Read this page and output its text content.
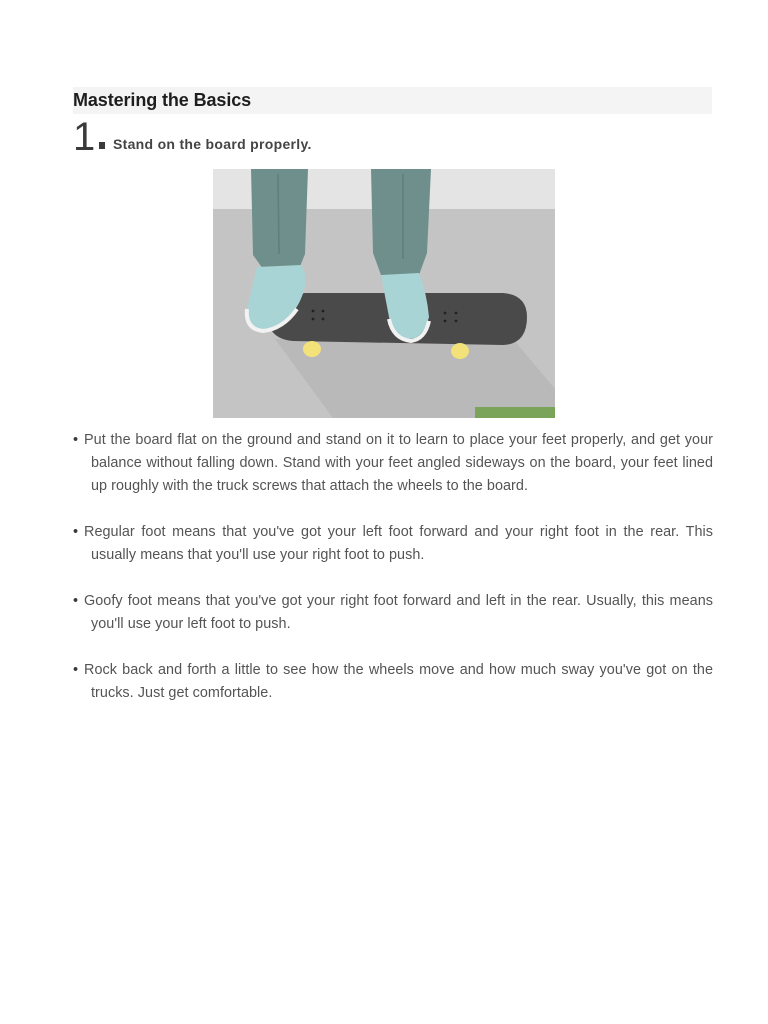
Mastering the Basics
1 Stand on the board properly.
• Put the board flat on the ground and stand on it to learn to place your feet properly, and get your balance without falling down. Stand with your feet angled sideways on the board, your feet lined up roughly with the truck screws that attach the wheels to the board.
• Regular foot means that you've got your left foot forward and your right foot in the rear. This usually means that you'll use your right foot to push.
• Goofy foot means that you've got your right foot forward and left in the rear. Usually, this means you'll use your left foot to push.
• Rock back and forth a little to see how the wheels move and how much sway you've got on the trucks. Just get comfortable.
